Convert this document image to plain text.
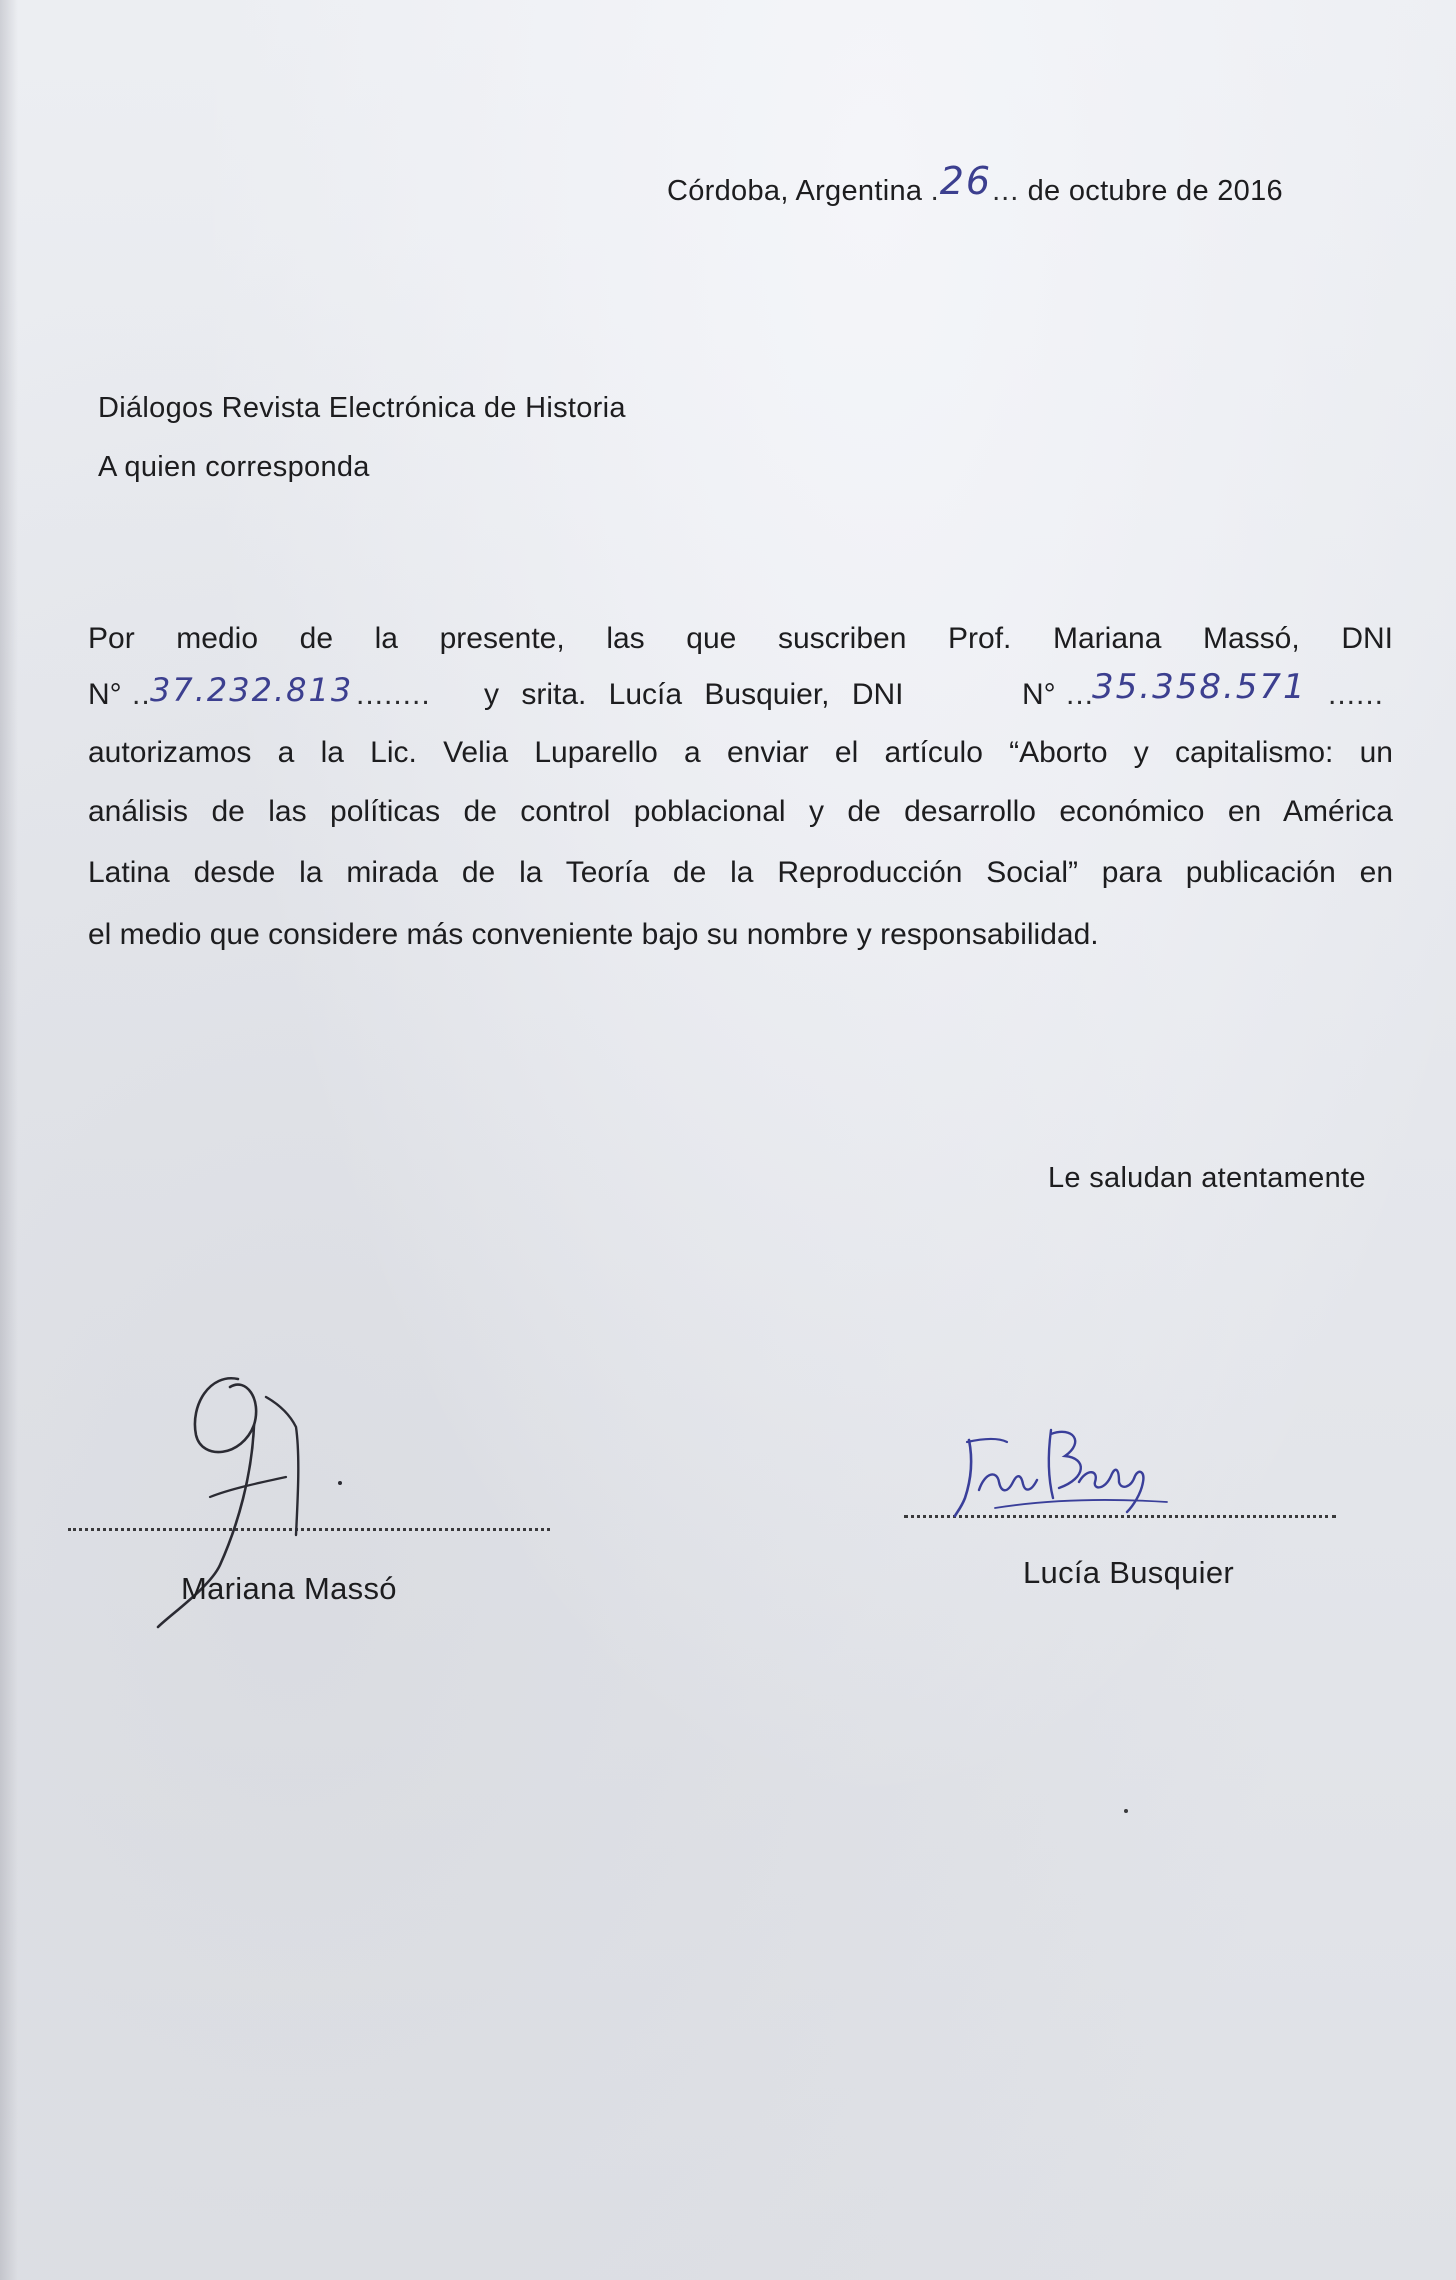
Córdoba, Argentina .26... de octubre de 2016
Diálogos Revista Electrónica de Historia
A quien corresponda
Por medio de la presente, las que suscriben Prof. Mariana Massó, DNI
N° .. 37.232.813 ........ y srita. Lucía Busquier, DNI	N° ...
35.358.571 ......
autorizamos a la Lic. Velia Luparello a enviar el artículo “Aborto y capitalismo: un
análisis de las políticas de control poblacional y de desarrollo económico en América
Latina desde la mirada de la Teoría de la Reproducción Social” para publicación en
el medio que considere más conveniente bajo su nombre y responsabilidad.
Le saludan atentamente
Mariana Massó	Lucía Busquier
